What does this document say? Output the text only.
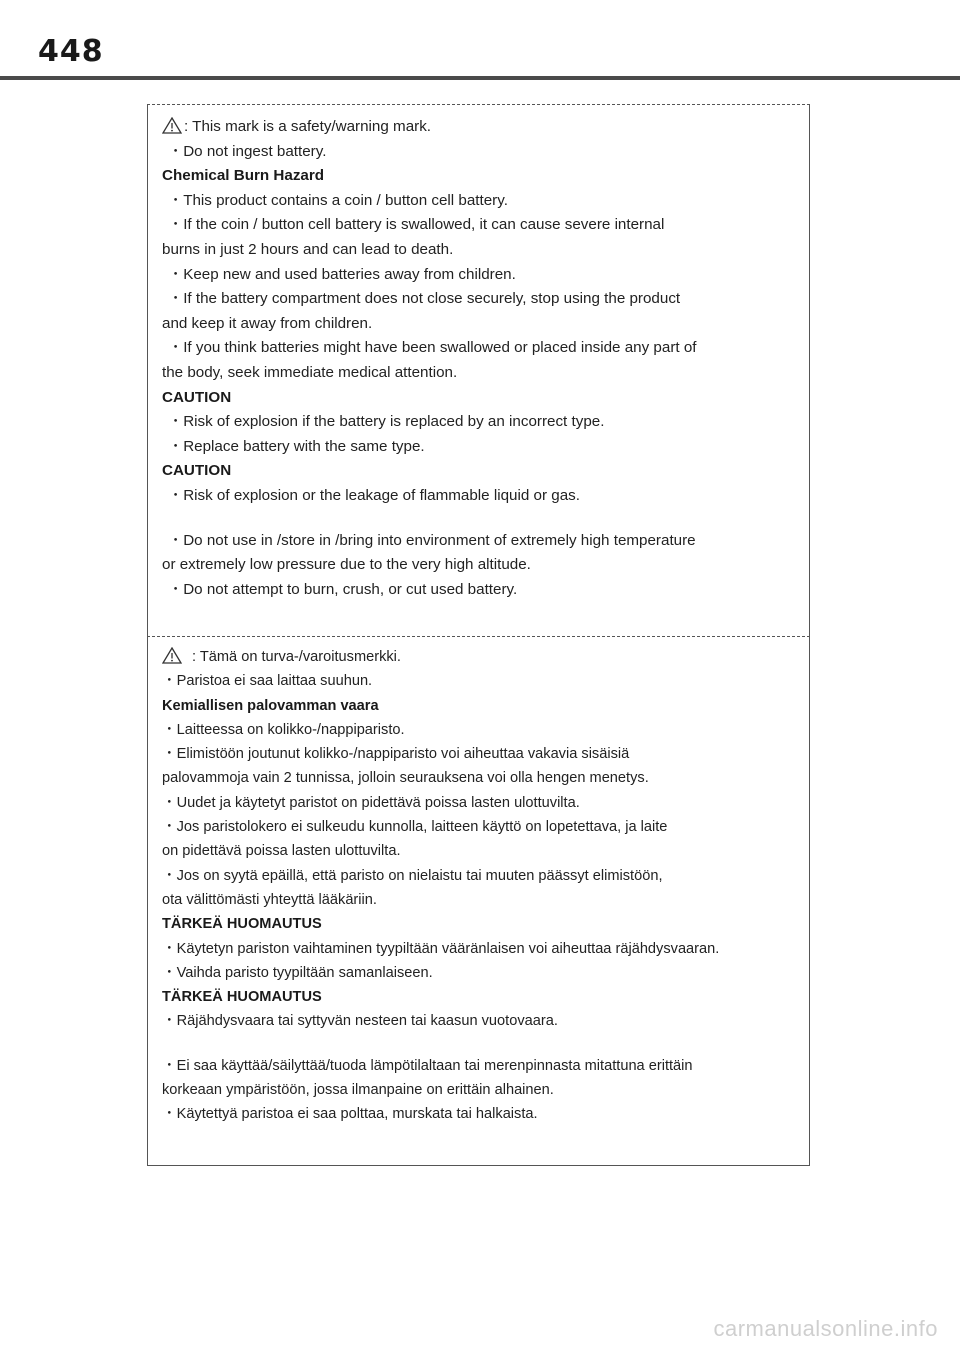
448
: This mark is a safety/warning mark.
・Do not ingest battery.
Chemical Burn Hazard
・This product contains a coin / button cell battery.
・If the coin / button cell battery is swallowed, it can cause severe internal
burns in just 2 hours and can lead to death.
・Keep new and used batteries away from children.
・If the battery compartment does not close securely, stop using the product
and keep it away from children.
・If you think batteries might have been swallowed or placed inside any part of
the body, seek immediate medical attention.
CAUTION
・Risk of explosion if the battery is replaced by an incorrect type.
・Replace battery with the same type.
CAUTION
・Risk of explosion or the leakage of flammable liquid or gas.
・Do not use in /store in /bring into environment of extremely high temperature
or extremely low pressure due to the very high altitude.
・Do not attempt to burn, crush, or cut used battery.
: Tämä on turva-/varoitusmerkki.
・Paristoa ei saa laittaa suuhun.
Kemiallisen palovamman vaara
・Laitteessa on kolikko-/nappiparisto.
・Elimistöön joutunut kolikko-/nappiparisto voi aiheuttaa vakavia sisäisiä
palovammoja vain 2 tunnissa, jolloin seurauksena voi olla hengen menetys.
・Uudet ja käytetyt paristot on pidettävä poissa lasten ulottuvilta.
・Jos paristolokero ei sulkeudu kunnolla, laitteen käyttö on lopetettava, ja laite
on pidettävä poissa lasten ulottuvilta.
・Jos on syytä epäillä, että paristo on nielaistu tai muuten päässyt elimistöön,
ota välittömästi yhteyttä lääkäriin.
TÄRKEÄ HUOMAUTUS
・Käytetyn pariston vaihtaminen tyypiltään vääränlaisen voi aiheuttaa räjähdysvaaran.
・Vaihda paristo tyypiltään samanlaiseen.
TÄRKEÄ HUOMAUTUS
・Räjähdysvaara tai syttyvän nesteen tai kaasun vuotovaara.
・Ei saa käyttää/säilyttää/tuoda lämpötilaltaan tai merenpinnasta mitattuna erittäin
korkeaan ympäristöön, jossa ilmanpaine on erittäin alhainen.
・Käytettyä paristoa ei saa polttaa, murskata tai halkaista.
carmanualsonline.info
